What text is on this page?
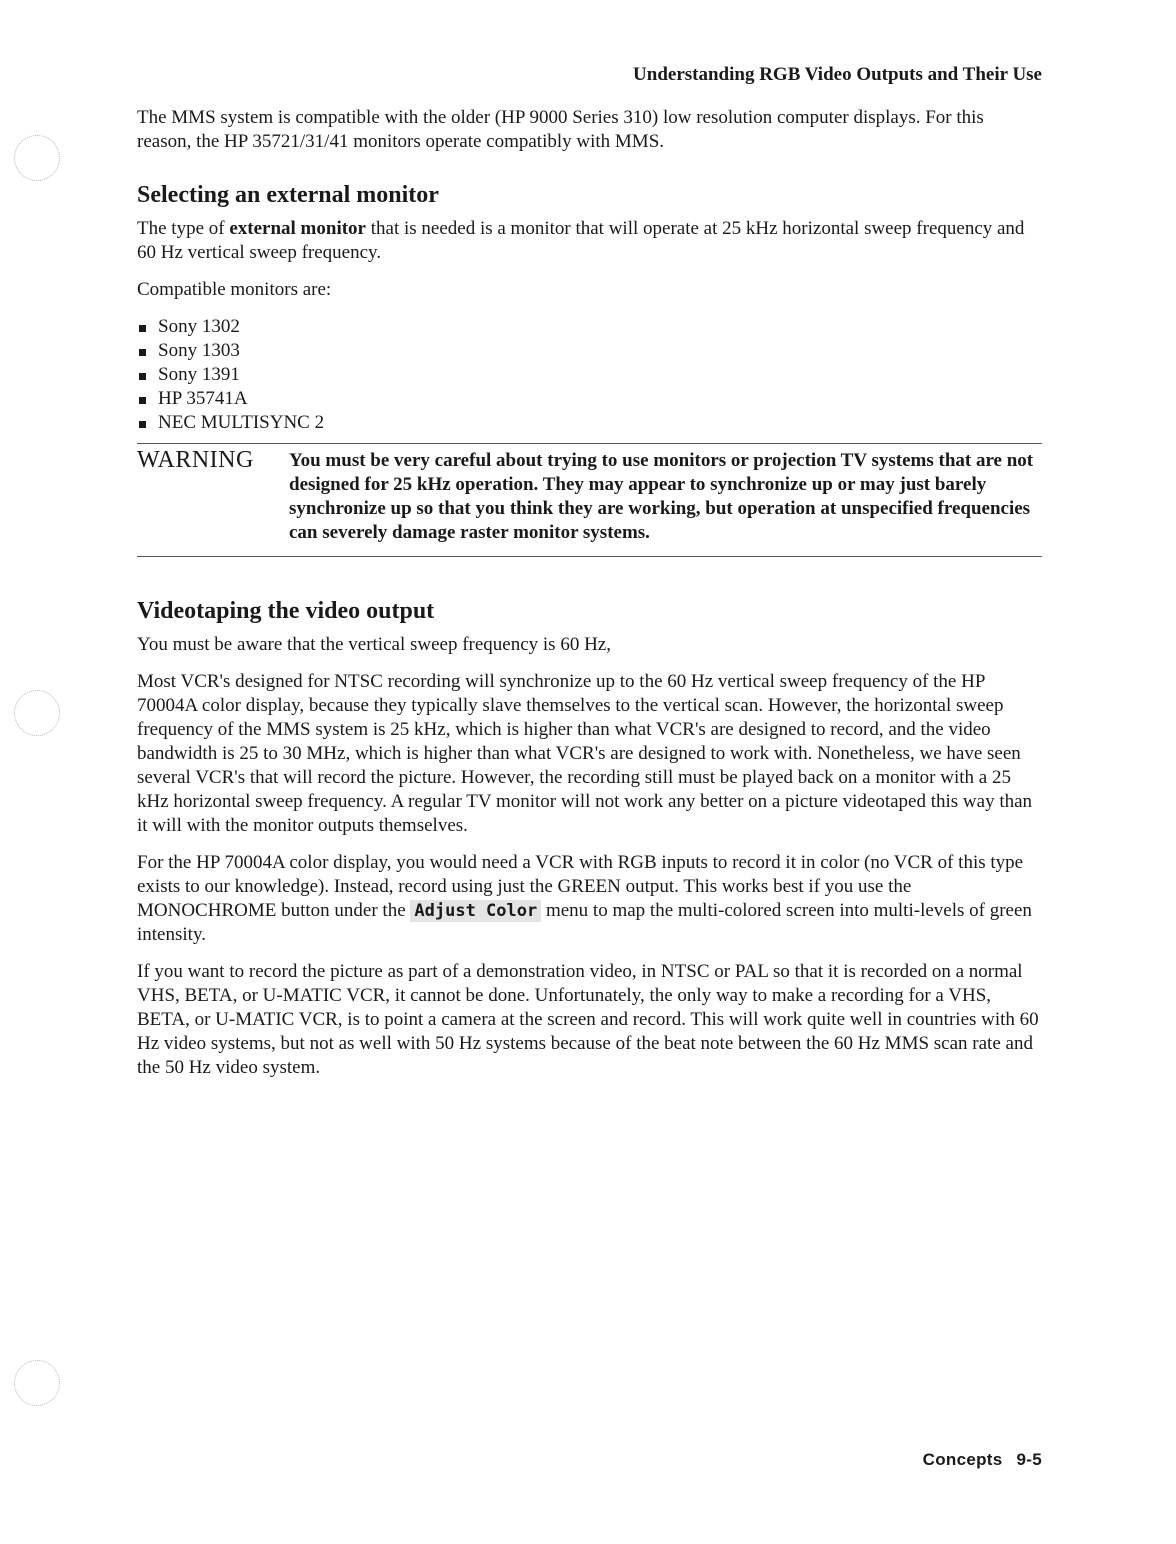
Understanding RGB Video Outputs and Their Use

The MMS system is compatible with the older (HP 9000 Series 310) low resolution computer displays. For this reason, the HP 35721/31/41 monitors operate compatibly with MMS.

Selecting an external monitor

The type of external monitor that is needed is a monitor that will operate at 25 kHz horizontal sweep frequency and 60 Hz vertical sweep frequency.

Compatible monitors are:

Sony 1302
Sony 1303
Sony 1391
HP 35741A
NEC MULTISYNC 2
WARNING You must be very careful about trying to use monitors or projection TV systems that are not designed for 25 kHz operation. They may appear to synchronize up or may just barely synchronize up so that you think they are working, but operation at unspecified frequencies can severely damage raster monitor systems.
Videotaping the video output

You must be aware that the vertical sweep frequency is 60 Hz,

Most VCR's designed for NTSC recording will synchronize up to the 60 Hz vertical sweep frequency of the HP 70004A color display, because they typically slave themselves to the vertical scan. However, the horizontal sweep frequency of the MMS system is 25 kHz, which is higher than what VCR's are designed to record, and the video bandwidth is 25 to 30 MHz, which is higher than what VCR's are designed to work with. Nonetheless, we have seen several VCR's that will record the picture. However, the recording still must be played back on a monitor with a 25 kHz horizontal sweep frequency. A regular TV monitor will not work any better on a picture videotaped this way than it will with the monitor outputs themselves.

For the HP 70004A color display, you would need a VCR with RGB inputs to record it in color (no VCR of this type exists to our knowledge). Instead, record using just the GREEN output. This works best if you use the MONOCHROME button under the Adjust Color menu to map the multi-colored screen into multi-levels of green intensity.

If you want to record the picture as part of a demonstration video, in NTSC or PAL so that it is recorded on a normal VHS, BETA, or U-MATIC VCR, it cannot be done. Unfortunately, the only way to make a recording for a VHS, BETA, or U-MATIC VCR, is to point a camera at the screen and record. This will work quite well in countries with 60 Hz video systems, but not as well with 50 Hz systems because of the beat note between the 60 Hz MMS scan rate and the 50 Hz video system.

Concepts 9-5
